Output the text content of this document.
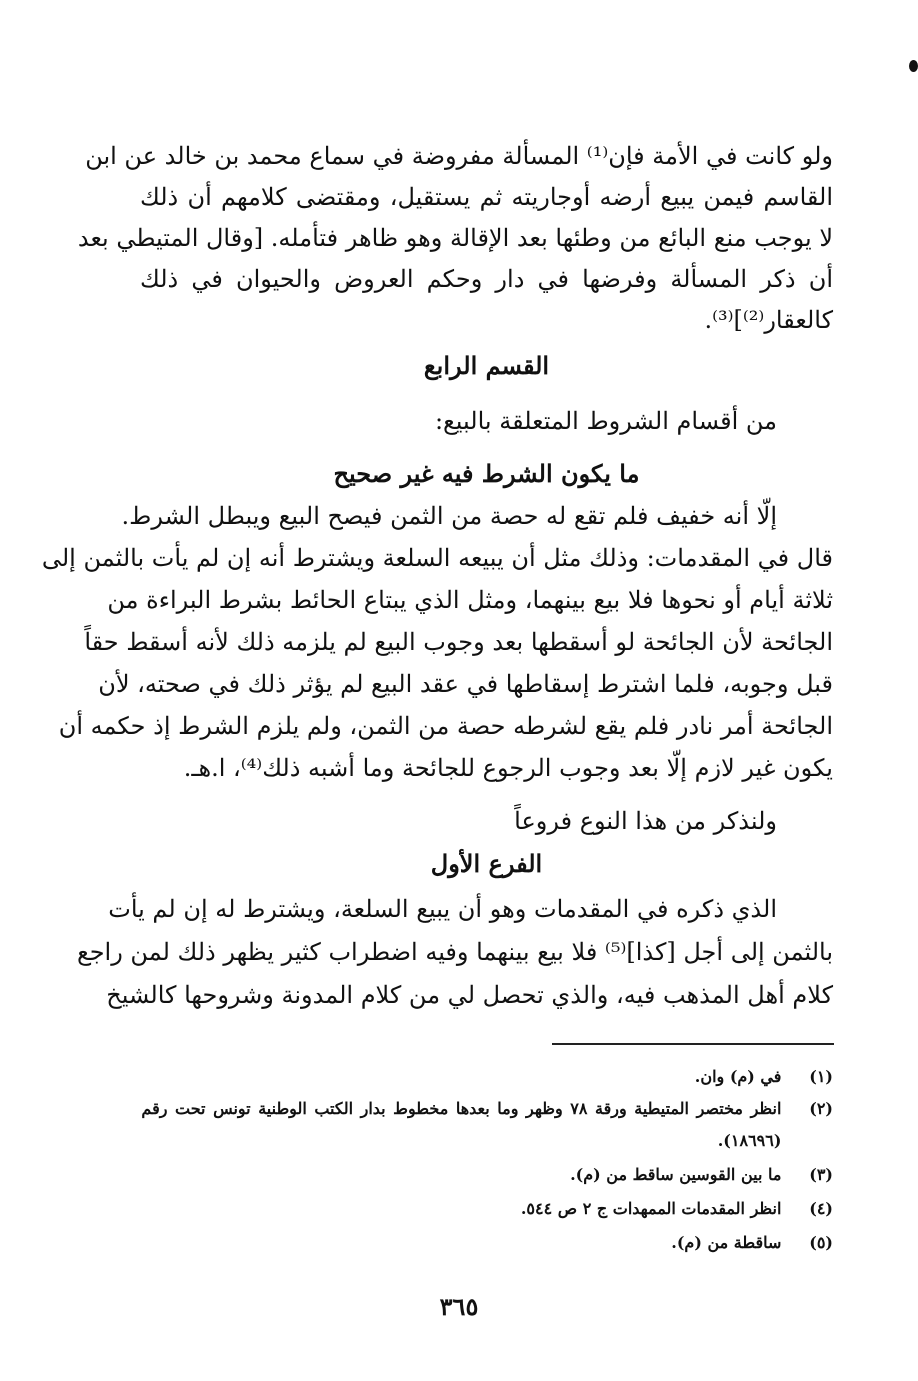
ولو كانت في الأمة فإن⁽¹⁾ المسألة مفروضة في سماع محمد بن خالد عن ابن
القاسم فيمن يبيع أرضه أوجاريته ثم يستقيل، ومقتضى كلامهم أن ذلك
لا يوجب منع البائع من وطئها بعد الإقالة وهو ظاهر فتأمله. [وقال المتيطي بعد
أن ذكر المسألة وفرضها في دار وحكم العروض والحيوان في ذلك
كالعقار⁽²⁾]⁽³⁾.
القسم الرابع
من أقسام الشروط المتعلقة بالبيع:
ما يكون الشرط فيه غير صحيح
إلّا أنه خفيف فلم تقع له حصة من الثمن فيصح البيع ويبطل الشرط.
قال في المقدمات: وذلك مثل أن يبيعه السلعة ويشترط أنه إن لم يأت بالثمن إلى
ثلاثة أيام أو نحوها فلا بيع بينهما، ومثل الذي يبتاع الحائط بشرط البراءة من
الجائحة لأن الجائحة لو أسقطها بعد وجوب البيع لم يلزمه ذلك لأنه أسقط حقاً
قبل وجوبه، فلما اشترط إسقاطها في عقد البيع لم يؤثر ذلك في صحته، لأن
الجائحة أمر نادر فلم يقع لشرطه حصة من الثمن، ولم يلزم الشرط إذ حكمه أن
يكون غير لازم إلّا بعد وجوب الرجوع للجائحة وما أشبه ذلك⁽⁴⁾، ا.هـ.
ولنذكر من هذا النوع فروعاً
الفرع الأول
الذي ذكره في المقدمات وهو أن يبيع السلعة، ويشترط له إن لم يأت
بالثمن إلى أجل [كذا]⁽⁵⁾ فلا بيع بينهما وفيه اضطراب كثير يظهر ذلك لمن راجع
كلام أهل المذهب فيه، والذي تحصل لي من كلام المدونة وشروحها كالشيخ
(١) في (م) وان.
(٢) انظر مختصر المتيطية ورقة ٧٨ وظهر وما بعدها مخطوط بدار الكتب الوطنية تونس تحت رقم
(١٨٦٩٦).
(٣) ما بين القوسين ساقط من (م).
(٤) انظر المقدمات الممهدات ج ٢ ص ٥٤٤.
(٥) ساقطة من (م).
٣٦٥
